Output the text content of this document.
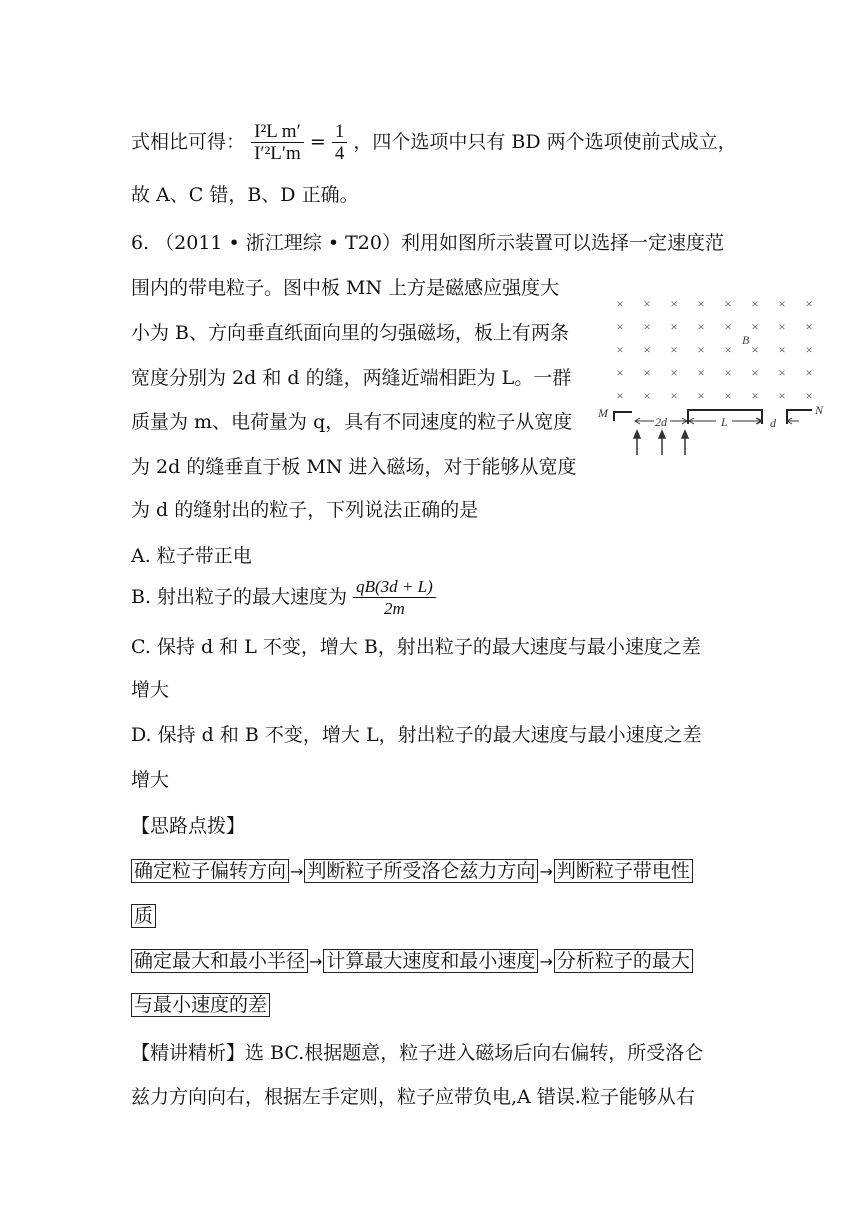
式相比可得： $\frac{\text{I²L m′}}{\text{I′²L′m}} = \frac{1}{4}$ ，四个选项中只有 BD 两个选项使前式成立，
故 A、C 错，B、D 正确。
6. （2011 • 浙江理综 • T20）利用如图所示装置可以选择一定速度范
围内的带电粒子。图中板 MN 上方是磁感应强度大
小为 B、方向垂直纸面向里的匀强磁场，板上有两条
宽度分别为 2d 和 d 的缝，两缝近端相距为 L。一群
质量为 m、电荷量为 q，具有不同速度的粒子从宽度
为 2d 的缝垂直于板 MN 进入磁场，对于能够从宽度
为 d 的缝射出的粒子，下列说法正确的是
A. 粒子带正电
B. 射出粒子的最大速度为 $\frac{qB(3d + L)}{2m}$
C. 保持 d 和 L 不变，增大 B，射出粒子的最大速度与最小速度之差
增大
D. 保持 d 和 B 不变，增大 L，射出粒子的最大速度与最小速度之差
增大
【思路点拨】
确定粒子偏转方向 → 判断粒子所受洛仑兹力方向 → 判断粒子带电性
质
确定最大和最小半径 → 计算最大速度和最小速度 → 分析粒子的最大
与最小速度的差
【精讲精析】选 BC.根据题意，粒子进入磁场后向右偏转，所受洛仑
兹力方向向右，根据左手定则，粒子应带负电,A 错误.粒子能够从右
× × × × × × × ×
× × × × × × × ×
× × × × × × × ×
× × × × × × × ×
× × × × × × × ×
B
M	N
2d	L	d
